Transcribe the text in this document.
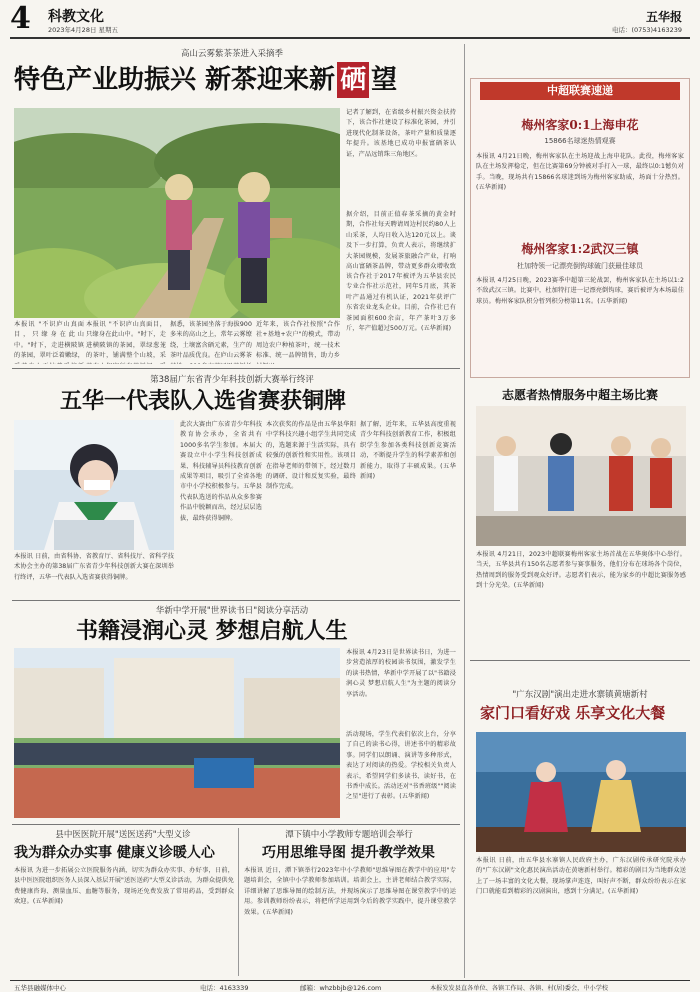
4 科教文化
2023年4月28日 星期五
五华报
电话：(0753)4163239
高山云雾紫茶茶进入采摘季
特色产业助振兴 新茶迎来新 硒 望
本报讯 "不识庐山真面目，只缘身在此山中。"时下，走进横陂镇的茶园，翠叶泛着嫩绿，
本报讯 "不识庐山真面目，只缘身在此山中。"时下，走进横陂镇的茶园，翠绿葱茏的茶叶，铺满整个山坡，采
据悉，该茶园坐落于海拔900多米的高山之上，常年云雾缭绕，土壤富含硒元素，生产的茶叶品质优良。在庐山云雾茶
近年来，该合作社按照"合作社+基地+农户"的模式，带动周边农户种植茶叶，统一技术标准、统一品牌销售，助力乡
记者了解到，在省级乡村振兴资金扶持下，该合作社建设了标准化茶园，并引进现代化制茶设备，茶叶产量和质量逐年提升。该基地已成功申报富硒茶认证，产品远销珠三角地区。
据介绍，目前正值春茶采摘的黄金时期，合作社每天聘请周边村民约80人上山采茶，人均日收入达120元以上。谈及下一步打算，负责人表示，将继续扩大茶园规模，发展茶旅融合产业，打响高山富硒茶品牌，带动更多群众增收致
该合作社于2017年被评为五华县农民专业合作社示范社，同年5月底，其茶叶产品通过有机认证，2021年获评广东省农业龙头企业。目前，合作社已有茶园面积600余亩，年产茶叶3万多斤，年产值超过500万元。(五华新闻)
第38届广东省青少年科技创新大赛举行终评
五华一代表队入选省赛获铜牌
本报讯 日前，由省科协、省教育厅、省科技厅、省科学技术协会主办的第38届广东省青少年科技创新大赛在深圳举行终评，五华一代表队入选省赛获得铜牌。
此次大赛由广东省青少年科技教育协会承办，全省共有1000多名学生参加。本届大赛设立中小学生科技创新成果、科技辅导员科技教育创新成果等项目，吸引了全省各地市中小学校积极参与。五华县代表队选送的作品从众多参赛作品中脱颖而出，经过层层选拔，最终获得铜牌。
本次获奖的作品是由五华县华阳中学科技兴趣小组学生共同完成的，选题来源于生活实际，具有较强的创新性和实用性。该项目在指导老师的带领下，经过数月的调研、设计和反复实验，最终制作完成。
据了解，近年来，五华县高度重视青少年科技创新教育工作，积极组织学生参加各类科技创新竞赛活动，不断提升学生的科学素养和创新能力，取得了丰硕成果。(五华新闻)
华新中学开展"世界读书日"阅读分享活动
书籍浸润心灵 梦想启航人生
本报讯 4月23日是世界读书日，为进一步营造浓厚的校园读书氛围，激发学生的读书热情，华新中学开展了以"书籍浸润心灵 梦想启航人生"为主题的阅读分享活动。
活动现场，学生代表们依次上台，分享了自己的读书心得，讲述书中的精彩故事。同学们以朗诵、演讲等多种形式，表达了对阅读的热爱。学校相关负责人表示，希望同学们多读书、读好书，在书香中成长。活动还对"书香班级""阅读之星"进行了表彰。(五华新闻)
县中医医院开展"送医送药"大型义诊
我为群众办实事 健康义诊暖人心
本报讯 为进一步拓展公立医院服务内涵，切实为群众办实事、办好事，日前，县中医医院组织医务人员深入基层开展"送医送药"大型义诊活动，为群众提供免费健康咨询、测量血压、血糖等服务，现场还免费发放了常用药品，受到群众欢迎。(五华新闻)
潭下镇中小学教师专题培训会举行
巧用思维导图 提升教学效果
本报讯 近日，潭下镇举行2023年中小学教师"思维导图在教学中的应用"专题培训会，全镇中小学教师参加培训。培训会上，主讲老师结合教学实际，详细讲解了思维导图的绘制方法，并现场演示了思维导图在课堂教学中的运用。参训教师纷纷表示，将把所学运用到今后的教学实践中，提升课堂教学效果。(五华新闻)
中超联赛速递
梅州客家0:1上海申花
15866名球迷热情观赛
本报讯 4月21日晚，梅州客家队在主场迎战上海申花队。此役，梅州客家队在主场发挥稳定，但在比赛第69分钟被对手打入一球，最终以0:1憾负对手。当晚，现场共有15866名球迷到场为梅州客家助威，场面十分热烈。(五华新闻)
梅州客家1:2武汉三镇
杜加特领一记漂亮倒钩球破门获最佳球员
本报讯 4月25日晚，2023赛季中超第三轮战罢，梅州客家队在主场以1:2不敌武汉三镇。比赛中，杜加特打进一记漂亮倒钩球，赛后被评为本场最佳球员。梅州客家队积分暂列积分榜第11名。(五华新闻)
志愿者热情服务中超主场比赛
本报讯 4月21日，2023中超联赛梅州客家主场首战在五华奥体中心举行。当天，五华县共有150名志愿者参与赛事服务，他们分布在球场各个岗位，热情周到的服务受到观众好评。志愿者们表示，能为家乡的中超比赛服务感到十分光荣。(五华新闻)
"广东汉剧"演出走进水寨镇黄塘新村
家门口看好戏 乐享文化大餐
本报讯 日前，由五华县水寨镇人民政府主办，广东汉剧传承研究院承办的"广东汉剧"文化惠民演出活动在黄塘新村举行。精彩的剧目为当地群众送上了一场丰富的文化大餐，现场掌声连连，叫好声不断，群众纷纷表示在家门口就能看到精彩的汉剧演出，感到十分满足。(五华新闻)
五华县融媒体中心	电话：4163339	邮箱：whzbbjb@126.com	本报发发县直各单位、各镇工作局、各镇、村(居)委会，中小学校
